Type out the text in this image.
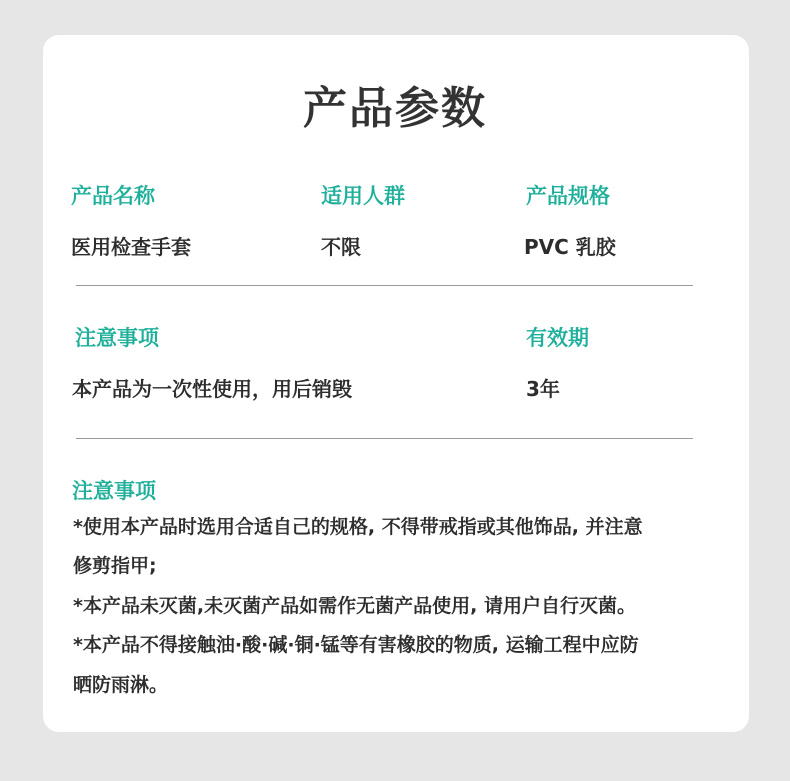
产品参数
产品名称
医用检查手套
适用人群
不限
产品规格
PVC 乳胶
注意事项
本产品为一次性使用，用后销毁
有效期
3年
注意事项
*使用本产品时选用合适自己的规格, 不得带戒指或其他饰品, 并注意
修剪指甲;
*本产品未灭菌,未灭菌产品如需作无菌产品使用, 请用户自行灭菌。
*本产品不得接触油·酸·碱·铜·锰等有害橡胶的物质, 运输工程中应防
晒防雨淋。
